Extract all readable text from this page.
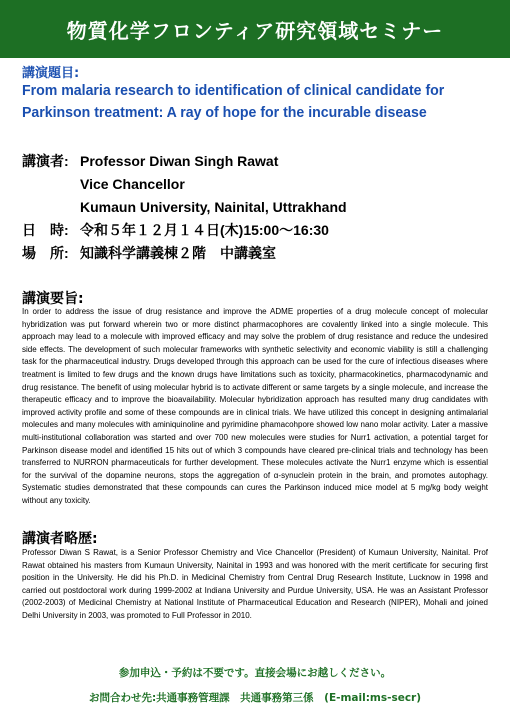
物質化学フロンティア研究領域セミナー
講演題目:
From malaria research to identification of clinical candidate for
Parkinson treatment: A ray of hope for the incurable disease
講演者: Professor Diwan Singh Rawat
Vice Chancellor
Kumaun University, Nainital, Uttrakhand
日　時: 令和５年１２月１４日(木)15:00～16:30
場　所: 知識科学講義棟２階　中講義室
講演要旨:
In order to address the issue of drug resistance and improve the ADME properties of a drug molecule concept of molecular hybridization was put forward wherein two or more distinct pharmacophores are covalently linked into a single molecule. This approach may lead to a molecule with improved efficacy and may solve the problem of drug resistance and reduce the undesired side effects. The development of such molecular frameworks with synthetic selectivity and economic viability is still a challenging task for the pharmaceutical industry. Drugs developed through this approach can be used for the cure of infectious diseases where treatment is limited to few drugs and the known drugs have limitations such as toxicity, pharmacokinetics, pharmacodynamic and drug resistance. The benefit of using molecular hybrid is to activate different or same targets by a single molecule, and increase the therapeutic efficacy and to improve the bioavailability. Molecular hybridization approach has resulted many drug candidates with improved activity profile and some of these compounds are in clinical trials. We have utilized this concept in designing antimalarial molecules and many molecules with aminiquinoline and pyrimidine phamacohpore showed low nano molar activity. Later a massive multi-institutional collaboration was started and over 700 new molecules were studies for Nurr1 activation, a potential target for Parkinson disease model and identified 15 hits out of which 3 compounds have cleared pre-clinical trials and technology has been transferred to NURRON pharmaceuticals for further development. These molecules activate the Nurr1 enzyme which is essential for the survival of the dopamine neurons, stops the aggregation of α-synuclein protein in the brain, and promotes autophagy. Systematic studies demonstrated that these compounds can cures the Parkinson induced mice model at 5 mg/kg body weight without any toxicity.
講演者略歴:
Professor Diwan S Rawat, is a Senior Professor Chemistry and Vice Chancellor (President) of Kumaun University, Nainital. Prof Rawat obtained his masters from Kumaun University, Nainital in 1993 and was honored with the merit certificate for securing first position in the University. He did his Ph.D. in Medicinal Chemistry from Central Drug Research Institute, Lucknow in 1998 and carried out postdoctoral work during 1999-2002 at Indiana University and Purdue University, USA. He was an Assistant Professor (2002-2003) of Medicinal Chemistry at National Institute of Pharmaceutical Education and Research (NIPER), Mohali and joined Delhi University in 2003, was promoted to Full Professor in 2010.
参加申込・予約は不要です。直接会場にお越しください。
お問合わせ先:共通事務管理課　共通事務第三係　(E-mail:ms-secr)
